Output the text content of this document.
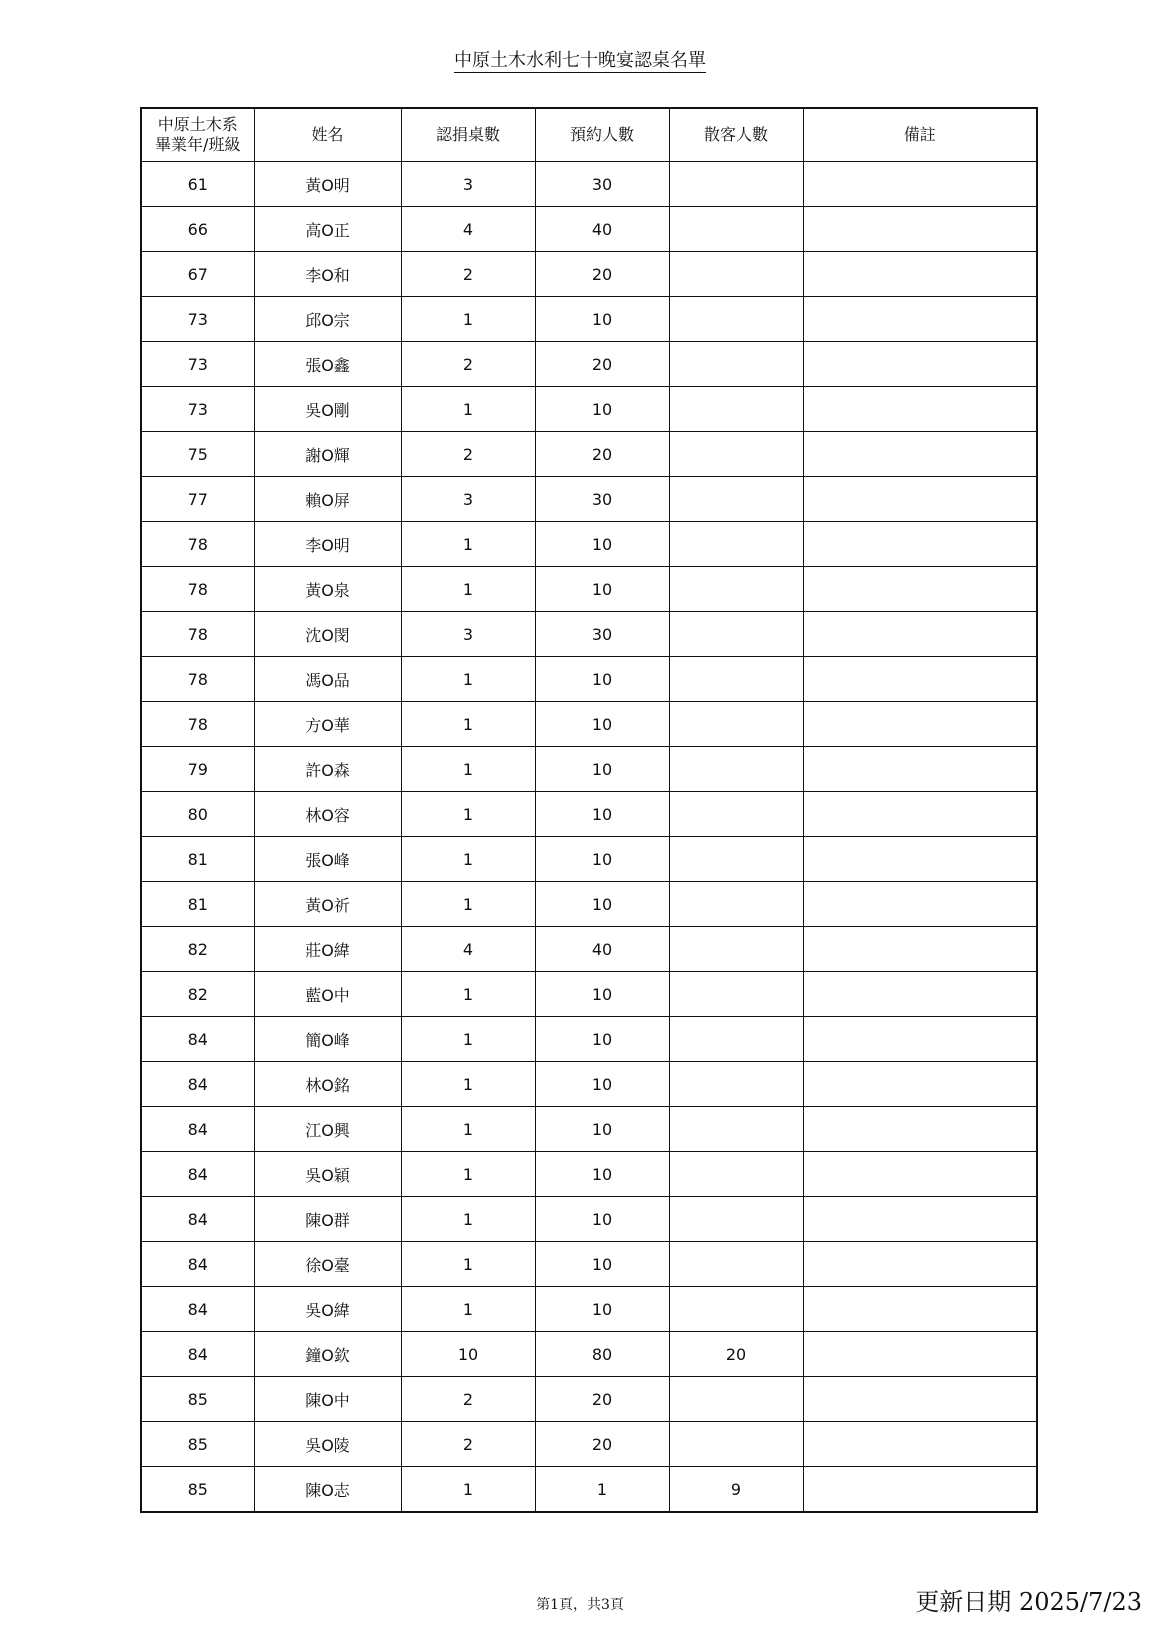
中原土木水利七十晚宴認桌名單
中原土木系
畢業年/班級	姓名	認捐桌數	預約人數	散客人數	備註
61	黃O明	3	30		
66	高O正	4	40		
67	李O和	2	20		
73	邱O宗	1	10		
73	張O鑫	2	20		
73	吳O剛	1	10		
75	謝O輝	2	20		
77	賴O屏	3	30		
78	李O明	1	10		
78	黃O泉	1	10		
78	沈O閔	3	30		
78	馮O品	1	10		
78	方O華	1	10		
79	許O森	1	10		
80	林O容	1	10		
81	張O峰	1	10		
81	黃O祈	1	10		
82	莊O緯	4	40		
82	藍O中	1	10		
84	簡O峰	1	10		
84	林O銘	1	10		
84	江O興	1	10		
84	吳O穎	1	10		
84	陳O群	1	10		
84	徐O臺	1	10		
84	吳O緯	1	10		
84	鐘O欽	10	80	20	
85	陳O中	2	20		
85	吳O陵	2	20		
85	陳O志	1	1	9	
第1頁，共3頁	更新日期 2025/7/23
